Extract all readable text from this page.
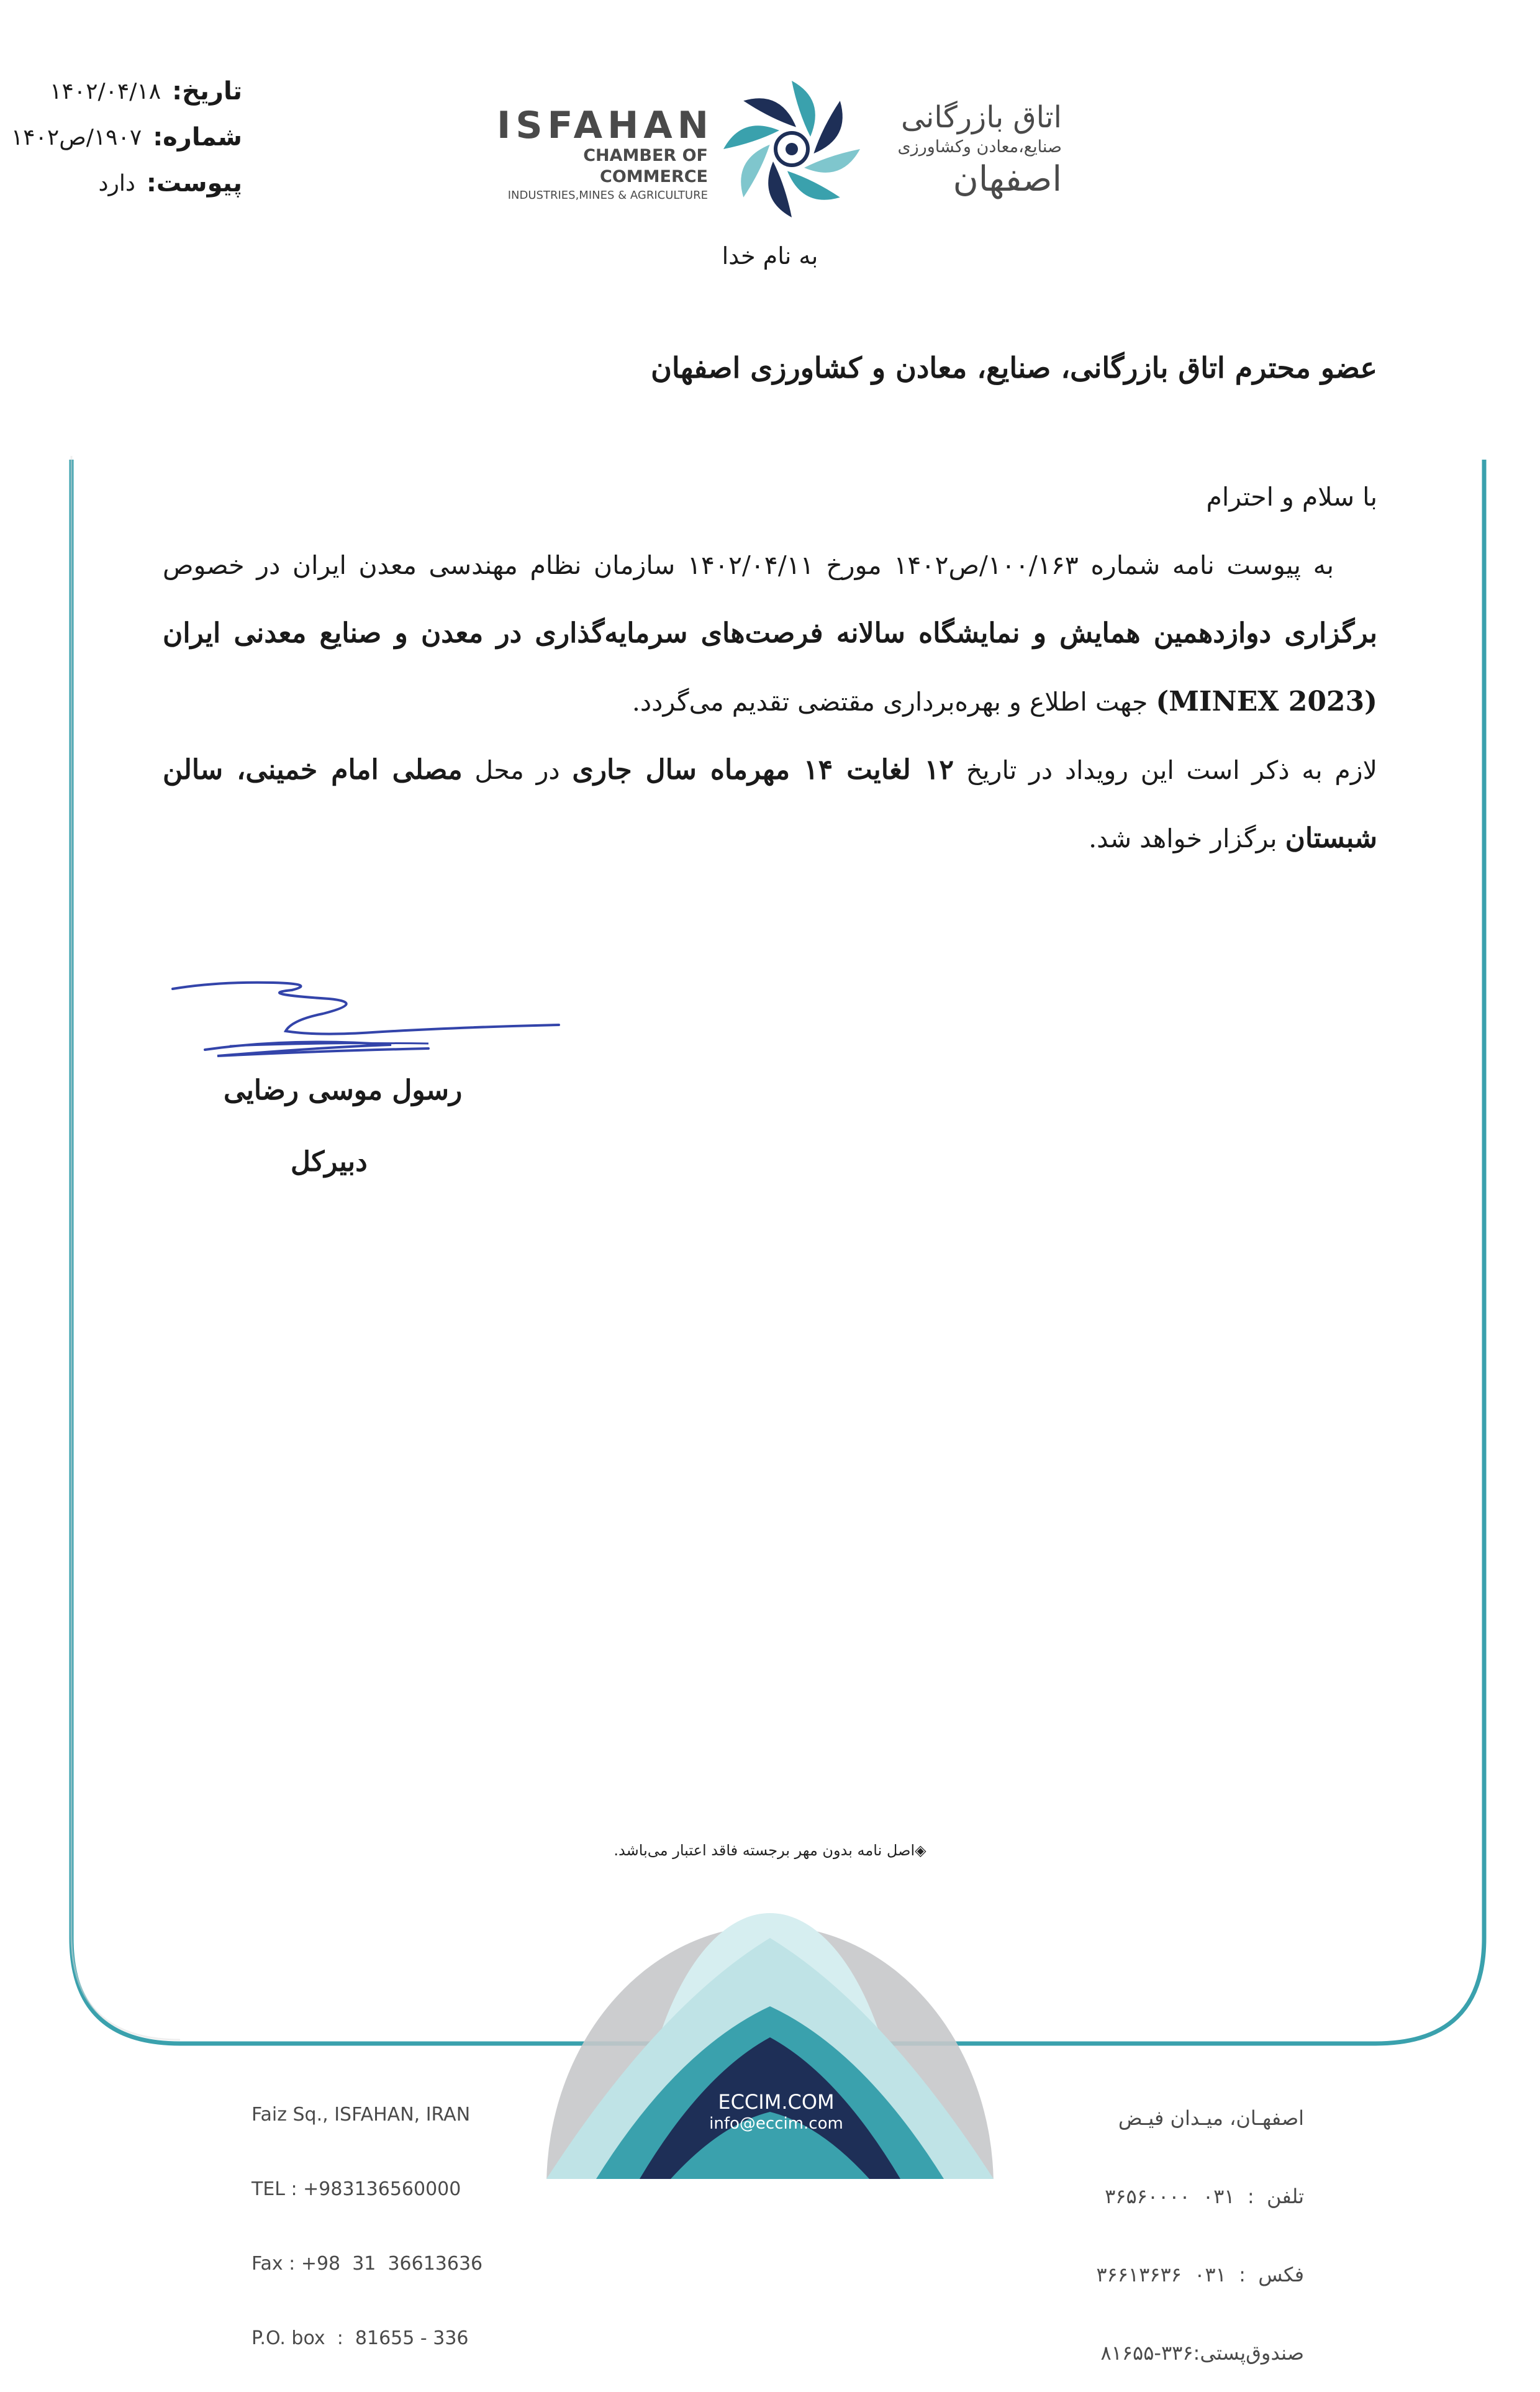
تاریخ:
۱۴۰۲/۰۴/۱۸
شماره:
۱۹۰۷/ص۱۴۰۲
پیوست:
دارد
ISFAHAN
CHAMBER OF COMMERCE
INDUSTRIES,MINES & AGRICULTURE
اتاق بازرگانی
صنایع،معادن وکشاورزی
اصفهان
به نام خدا
عضو محترم اتاق بازرگانی، صنایع، معادن و کشاورزی اصفهان

با سلام و احترام

به پیوست نامه شماره ۱۰۰/۱۶۳/ص۱۴۰۲ مورخ ۱۴۰۲/۰۴/۱۱ سازمان نظام مهندسی معدن ایران در خصوص برگزاری دوازدهمین همایش و نمایشگاه سالانه فرصت‌های سرمایه‌گذاری در معدن و صنایع معدنی ایران (MINEX 2023) جهت اطلاع و بهره‌برداری مقتضی تقدیم می‌گردد.

لازم به ذکر است این رویداد در تاریخ ۱۲ لغایت ۱۴ مهرماه سال جاری در محل مصلی امام خمینی، سالن شبستان برگزار خواهد شد.

رسول موسی رضایی
دبیرکل
◈اصل نامه بدون مهر برجسته فاقد اعتبار می‌باشد.

Faiz Sq., ISFAHAN, IRAN

TEL : +983136560000

Fax : +98  31  36613636

P.O. box  :  81655 - 336

ECCIM.COM
info@eccim.com

	اصفهـان، میـدان فیـض

تلفن  :  ۰۳۱  ۳۶۵۶۰۰۰۰

فکس  :  ۰۳۱  ۳۶۶۱۳۶۳۶

صندوق‌پستی:۳۳۶-۸۱۶۵۵
